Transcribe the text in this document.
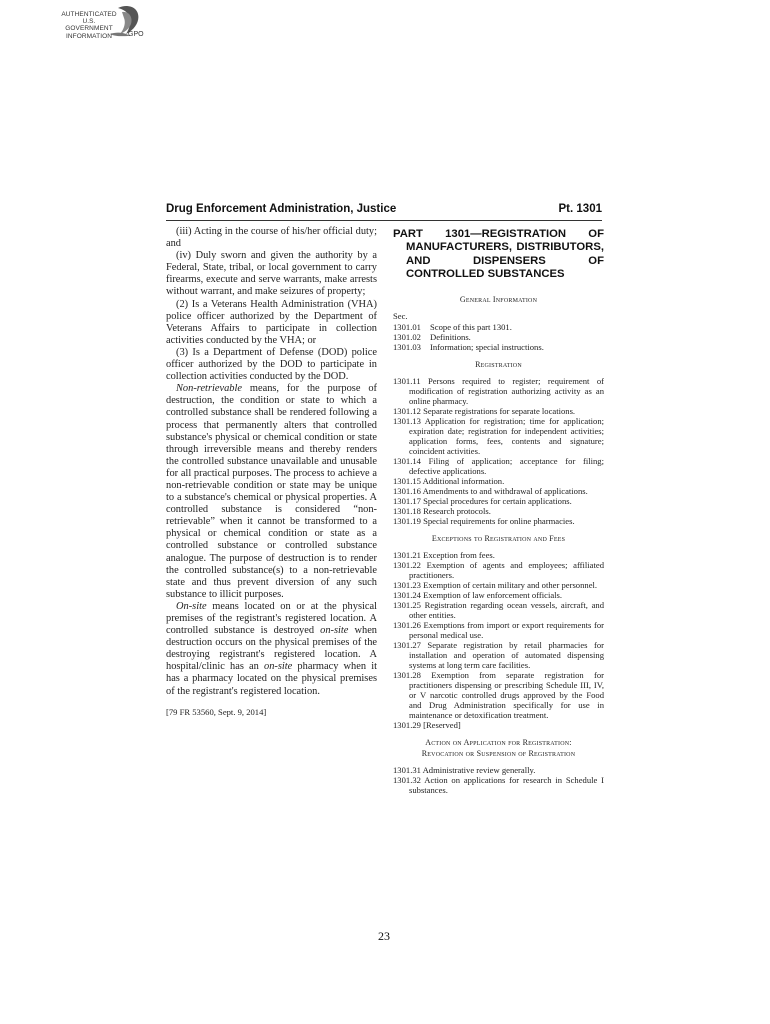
AUTHENTICATED
U.S. GOVERNMENT
INFORMATION	GPO
Drug Enforcement Administration, Justice	Pt. 1301

(iii) Acting in the course of his/her official duty; and

(iv) Duly sworn and given the authority by a Federal, State, tribal, or local government to carry firearms, execute and serve warrants, make arrests without warrant, and make seizures of property;

(2) Is a Veterans Health Administration (VHA) police officer authorized by the Department of Veterans Affairs to participate in collection activities conducted by the VHA; or

(3) Is a Department of Defense (DOD) police officer authorized by the DOD to participate in collection activities conducted by the DOD.

Non-retrievable means, for the purpose of destruction, the condition or state to which a controlled substance shall be rendered following a process that permanently alters that controlled substance's physical or chemical condition or state through irreversible means and thereby renders the controlled substance unavailable and unusable for all practical purposes. The process to achieve a non-retrievable condition or state may be unique to a substance's chemical or physical properties. A controlled substance is considered “non-retrievable” when it cannot be transformed to a physical or chemical condition or state as a controlled substance or controlled substance analogue. The purpose of destruction is to render the controlled substance(s) to a non-retrievable state and thus prevent diversion of any such substance to illicit purposes.

On-site means located on or at the physical premises of the registrant's registered location. A controlled substance is destroyed on-site when destruction occurs on the physical premises of the destroying registrant's registered location. A hospital/clinic has an on-site pharmacy when it has a pharmacy located on the physical premises of the registrant's registered location.

[79 FR 53560, Sept. 9, 2014]

PART 1301—REGISTRATION OF MANUFACTURERS, DISTRIBUTORS, AND DISPENSERS OF CONTROLLED SUBSTANCES
General Information
Sec.
1301.01	Scope of this part 1301.
1301.02	Definitions.
1301.03	Information; special instructions.
Registration

1301.11 Persons required to register; requirement of modification of registration authorizing activity as an online pharmacy.

1301.12 Separate registrations for separate locations.

1301.13 Application for registration; time for application; expiration date; registration for independent activities; application forms, fees, contents and signature; coincident activities.

1301.14 Filing of application; acceptance for filing; defective applications.

1301.15 Additional information.

1301.16 Amendments to and withdrawal of applications.

1301.17 Special procedures for certain applications.

1301.18 Research protocols.

1301.19 Special requirements for online pharmacies.

Exceptions to Registration and Fees

1301.21 Exception from fees.

1301.22 Exemption of agents and employees; affiliated practitioners.

1301.23 Exemption of certain military and other personnel.

1301.24 Exemption of law enforcement officials.

1301.25 Registration regarding ocean vessels, aircraft, and other entities.

1301.26 Exemptions from import or export requirements for personal medical use.

1301.27 Separate registration by retail pharmacies for installation and operation of automated dispensing systems at long term care facilities.

1301.28 Exemption from separate registration for practitioners dispensing or prescribing Schedule III, IV, or V narcotic controlled drugs approved by the Food and Drug Administration specifically for use in maintenance or detoxification treatment.

1301.29 [Reserved]

Action on Application for Registration:
Revocation or Suspension of Registration

1301.31 Administrative review generally.

1301.32 Action on applications for research in Schedule I substances.

23
